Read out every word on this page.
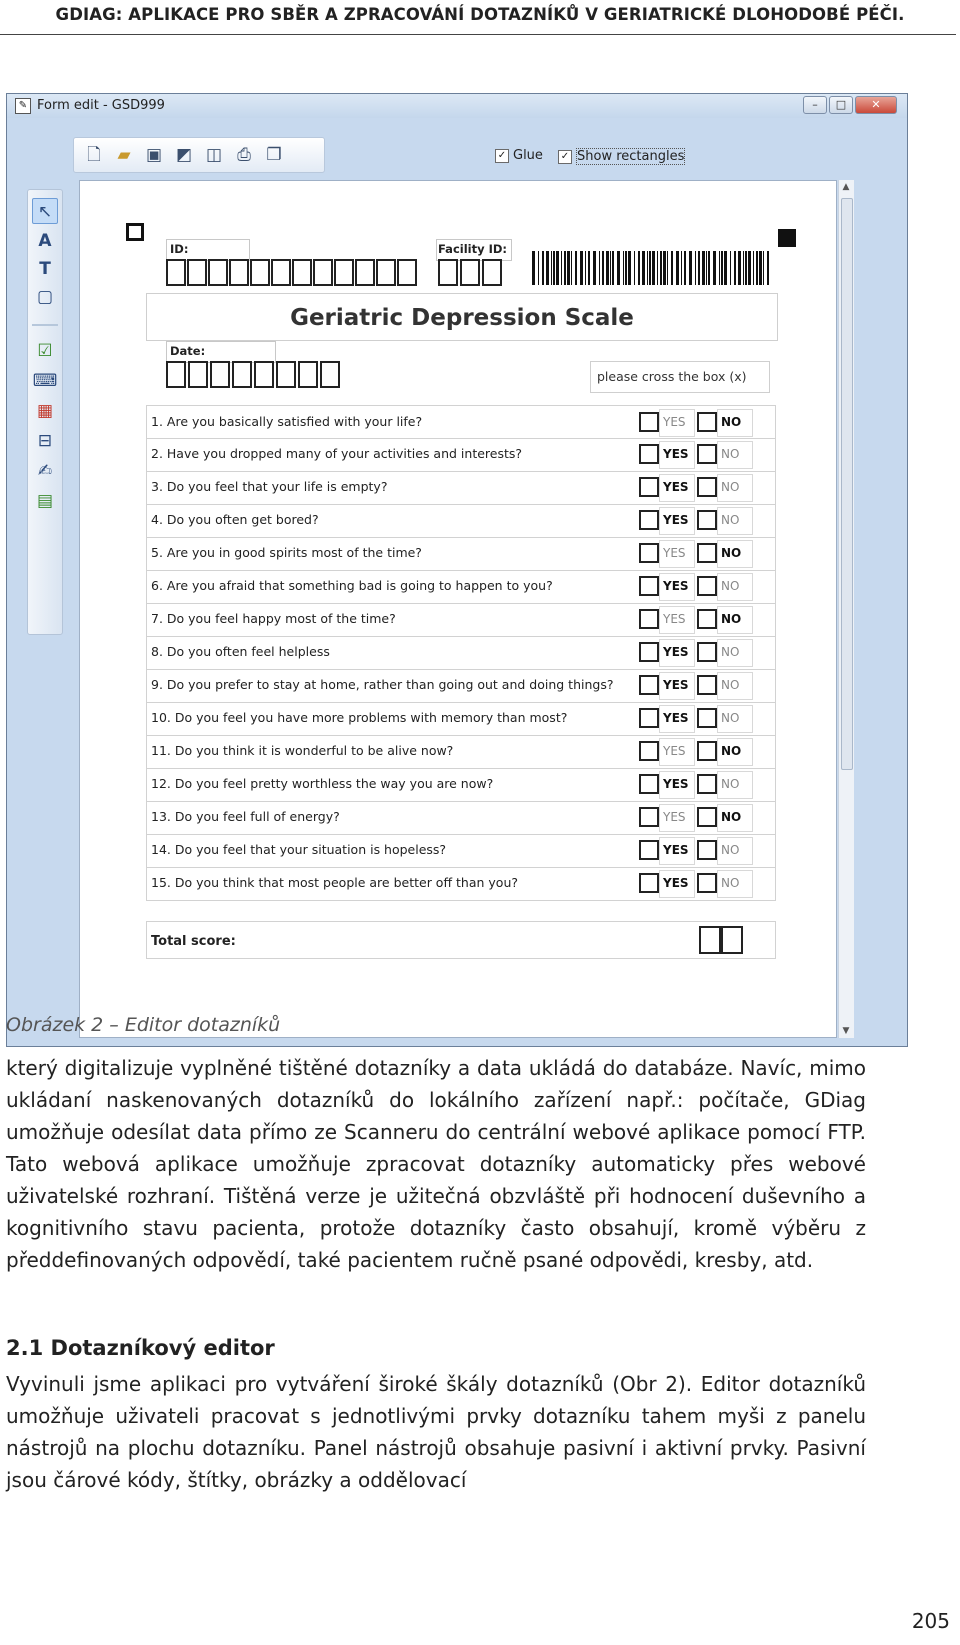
GDIAG: APLIKACE PRO SBĚR A ZPRACOVÁNÍ DOTAZNÍKŮ V GERIATRICKÉ DLOHODOBÉ PÉČI.
✎ Form edit - GSD999	–	□	✕
🗋 ▰ ▣ ◩ ◫ ⎙ ❐	✓ Glue ✓ Show rectangles
↖
A
T
▢
☑
⌨
▦
⊟
✍
▤
▲
▼
ID:	Facility ID:
Geriatric Depression Scale
Date:
please cross the box (x)
1. Are you basically satisfied with your life?	YES	NO
2. Have you dropped many of your activities and interests?	YES	NO
3. Do you feel that your life is empty?	YES	NO
4. Do you often get bored?	YES	NO
5. Are you in good spirits most of the time?	YES	NO
6. Are you afraid that something bad is going to happen to you?	YES	NO
7. Do you feel happy most of the time?	YES	NO
8. Do you often feel helpless	YES	NO
9. Do you prefer to stay at home, rather than going out and doing things?	YES	NO
10. Do you feel you have more problems with memory than most?	YES	NO
11. Do you think it is wonderful to be alive now?	YES	NO
12. Do you feel pretty worthless the way you are now?	YES	NO
13. Do you feel full of energy?	YES	NO
14. Do you feel that your situation is hopeless?	YES	NO
15. Do you think that most people are better off than you?	YES	NO
Total score:
Obrázek 2 – Editor dotazníků
který digitalizuje vyplněné tištěné dotazníky a data ukládá do databáze. Navíc, mimo ukládaní naskenovaných dotazníků do lokálního zařízení např.: počítače, GDiag umožňuje odesílat data přímo ze Scanneru do centrální webové aplikace pomocí FTP. Tato webová aplikace umožňuje zpracovat dotazníky automaticky přes webové uživatelské rozhraní. Tištěná verze je užitečná obzvláště při hodnocení duševního a kognitivního stavu pacienta, protože dotazníky často obsahují, kromě výběru z předdefinovaných odpovědí, také pacientem ručně psané odpovědi, kresby, atd.
2.1 Dotazníkový editor
Vyvinuli jsme aplikaci pro vytváření široké škály dotazníků (Obr 2). Editor dotazníků umožňuje uživateli pracovat s jednotlivými prvky dotazníku tahem myši z panelu nástrojů na plochu dotazníku. Panel nástrojů obsahuje pasivní i aktivní prvky. Pasivní jsou čárové kódy, štítky, obrázky a oddělovací
205
